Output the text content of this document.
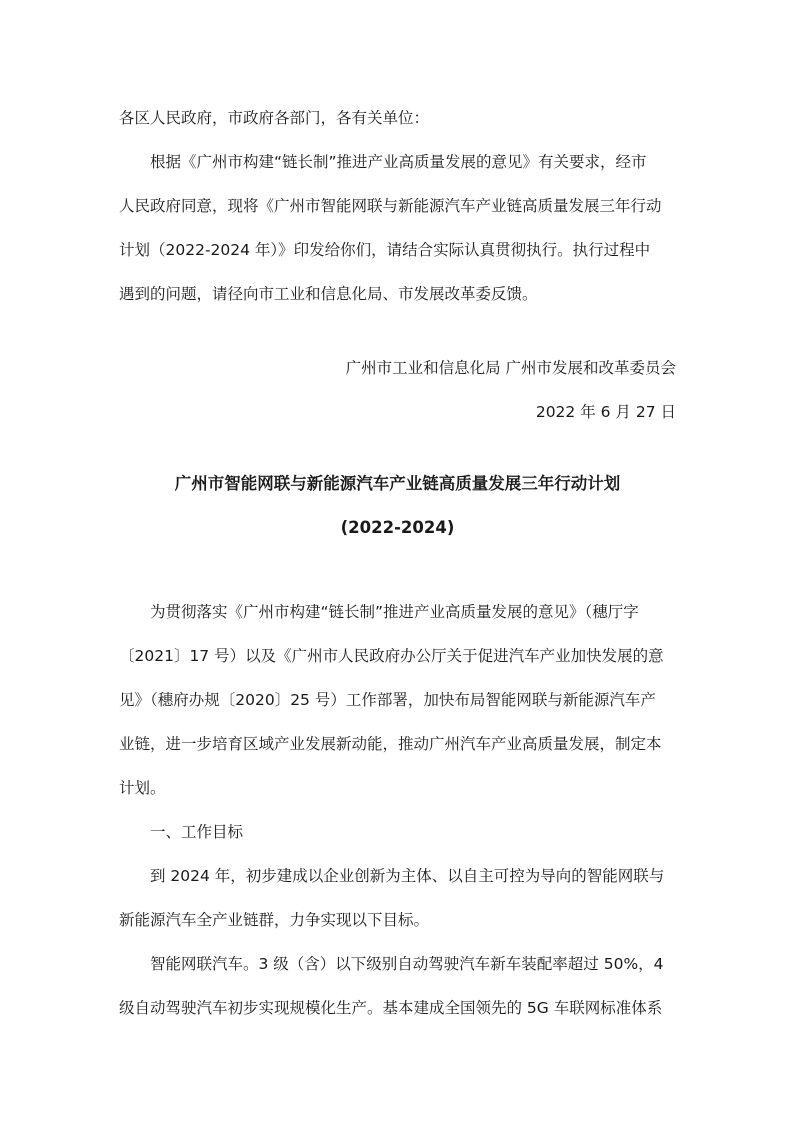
各区人民政府，市政府各部门，各有关单位：

根据《广州市构建“链长制”推进产业高质量发展的意见》有关要求，经市
人民政府同意，现将《广州市智能网联与新能源汽车产业链高质量发展三年行动
计划（2022-2024 年）》印发给你们，请结合实际认真贯彻执行。执行过程中
遇到的问题，请径向市工业和信息化局、市发展改革委反馈。

广州市工业和信息化局 广州市发展和改革委员会

2022 年 6 月 27 日

广州市智能网联与新能源汽车产业链高质量发展三年行动计划

(2022-2024)

为贯彻落实《广州市构建“链长制”推进产业高质量发展的意见》（穗厅字
〔2021〕17 号）以及《广州市人民政府办公厅关于促进汽车产业加快发展的意
见》（穗府办规〔2020〕25 号）工作部署，加快布局智能网联与新能源汽车产
业链，进一步培育区域产业发展新动能，推动广州汽车产业高质量发展，制定本
计划。

一、工作目标

到 2024 年，初步建成以企业创新为主体、以自主可控为导向的智能网联与
新能源汽车全产业链群，力争实现以下目标。

智能网联汽车。3 级（含）以下级别自动驾驶汽车新车装配率超过 50%，4
级自动驾驶汽车初步实现规模化生产。基本建成全国领先的 5G 车联网标准体系
